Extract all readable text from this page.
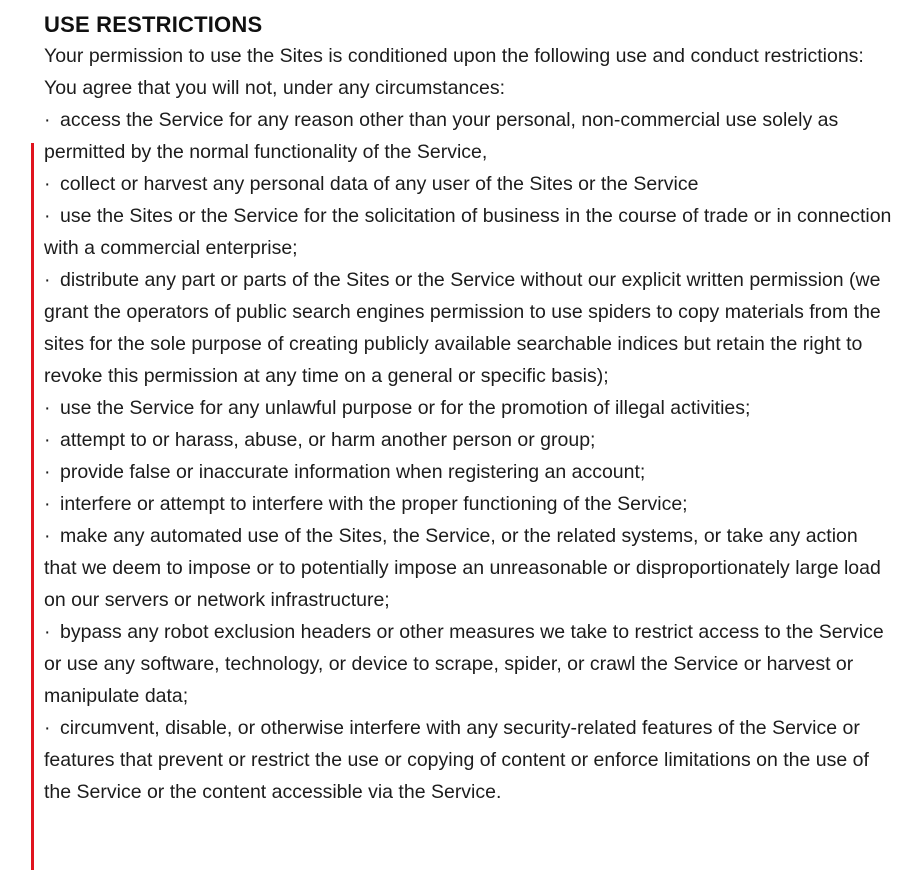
USE RESTRICTIONS

Your permission to use the Sites is conditioned upon the following use and conduct restrictions:

You agree that you will not, under any circumstances:

· access the Service for any reason other than your personal, non-commercial use solely as permitted by the normal functionality of the Service,
· collect or harvest any personal data of any user of the Sites or the Service
· use the Sites or the Service for the solicitation of business in the course of trade or in connection with a commercial enterprise;
· distribute any part or parts of the Sites or the Service without our explicit written permission (we grant the operators of public search engines permission to use spiders to copy materials from the sites for the sole purpose of creating publicly available searchable indices but retain the right to revoke this permission at any time on a general or specific basis);
· use the Service for any unlawful purpose or for the promotion of illegal activities;
· attempt to or harass, abuse, or harm another person or group;
· provide false or inaccurate information when registering an account;
· interfere or attempt to interfere with the proper functioning of the Service;
· make any automated use of the Sites, the Service, or the related systems, or take any action that we deem to impose or to potentially impose an unreasonable or disproportionately large load on our servers or network infrastructure;
· bypass any robot exclusion headers or other measures we take to restrict access to the Service or use any software, technology, or device to scrape, spider, or crawl the Service or harvest or manipulate data;
· circumvent, disable, or otherwise interfere with any security-related features of the Service or features that prevent or restrict the use or copying of content or enforce limitations on the use of the Service or the content accessible via the Service.
